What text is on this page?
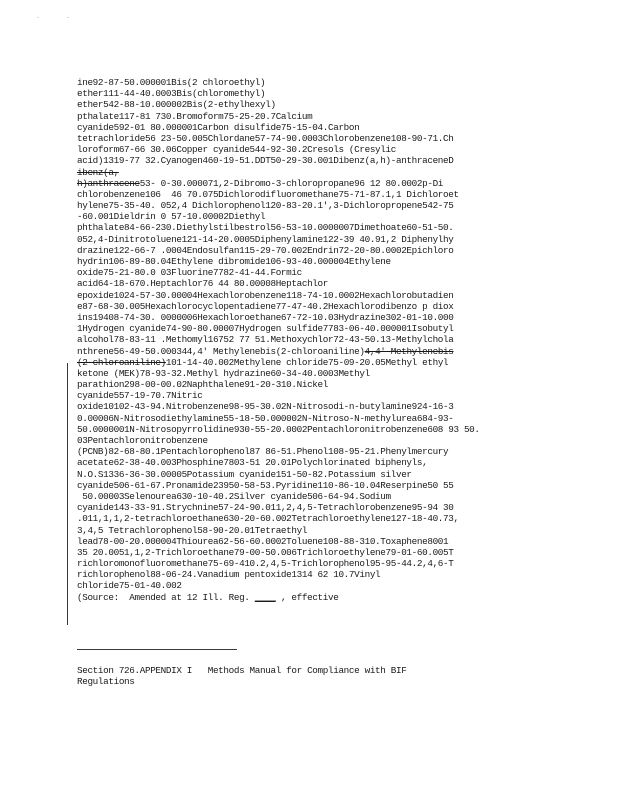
-	-
ine92-87-50.000001Bis(2 chloroethyl)
ether111-44-40.0003Bis(chloromethyl)
ether542-88-10.000002Bis(2-ethylhexyl)
pthalate117-81 730.Bromoform75-25-20.7Calcium
cyanide592-01 80.000001Carbon disulfide75-15-04.Carbon
tetrachloride56 23-50.005Chlordane57-74-90.0003Chlorobenzene108-90-71.Ch
loroform67-66 30.06Copper cyanide544-92-30.2Cresols (Cresylic
acid)1319-77 32.Cyanogen460-19-51.DDT50-29-30.001Dibenz(a,h)-anthraceneD
ibenz(a,
h)anthracene53- 0-30.000071,2-Dibromo-3-chloropropane96 12 80.0002p-Di
chlorobenzene106  46 70.075Dichlorodifluoromethane75-71-87.1,1 Dichloroet
hylene75-35-40. 052,4 Dichlorophenol120-83-20.1',3-Dichloropropene542-75
-60.001Dieldrin 0 57-10.00002Diethyl
phthalate84-66-230.Diethylstilbestrol56-53-10.0000007Dimethoate60-51-50.
052,4-Dinitrotoluene121-14-20.0005Diphenylamine122-39 40.91,2 Diphenylhy
drazine122-66-7 .0004Endosulfan115-29-70.002Endrin72-20-80.0002Epichloro
hydrin106-89-80.04Ethylene dibromide106-93-40.000004Ethylene
oxide75-21-80.0 03Fluorine7782-41-44.Formic
acid64-18-670.Heptachlor76 44 80.00008Heptachlor
epoxide1024-57-30.00004Hexachlorobenzene118-74-10.0002Hexachlorobutadien
e87-68-30.005Hexachlorocyclopentadiene77-47-40.2Hexachlorodibenzo p diox
ins19408-74-30. 0000006Hexachloroethane67-72-10.03Hydrazine302-01-10.000
1Hydrogen cyanide74-90-80.00007Hydrogen sulfide7783-06-40.000001Isobutyl
alcohol78-83-11 .Methomyl16752 77 51.Methoxychlor72-43-50.13-Methylchola
nthrene56-49-50.000344,4' Methylenebis(2-chloroaniline)4,4' Methylenebis
(2-chloroaniline)101-14-40.002Methylene chloride75-09-20.05Methyl ethyl
ketone (MEK)78-93-32.Methyl hydrazine60-34-40.0003Methyl
parathion298-00-00.02Naphthalene91-20-310.Nickel
cyanide557-19-70.7Nitric
oxide10102-43-94.Nitrobenzene98-95-30.02N-Nitrosodi-n-butylamine924-16-3
0.00006N-Nitrosodiethylamine55-18-50.000002N-Nitroso-N-methylurea684-93-
50.0000001N-Nitrosopyrrolidine930-55-20.0002Pentachloronitrobenzene608 93 50.
03Pentachloronitrobenzene
(PCNB)82-68-80.1Pentachlorophenol87 86-51.Phenol108-95-21.Phenylmercury
acetate62-38-40.003Phosphine7803-51 20.01Polychlorinated biphenyls,
N.O.S1336-36-30.00005Potassium cyanide151-50-82.Potassium silver
cyanide506-61-67.Pronamide23950-58-53.Pyridine110-86-10.04Reserpine50 55
50.00003Selenourea630-10-40.2Silver cyanide506-64-94.Sodium
cyanide143-33-91.Strychnine57-24-90.011,2,4,5-Tetrachlorobenzene95-94 30
.011,1,1,2-tetrachloroethane630-20-60.002Tetrachloroethylene127-18-40.73,
3,4,5 Tetrachlorophenol58-90-20.01Tetraethyl
lead78-00-20.000004Thiourea62-56-60.0002Toluene108-88-310.Toxaphene8001
35 20.0051,1,2-Trichloroethane79-00-50.006Trichloroethylene79-01-60.005T
richloromonofluoromethane75-69-410.2,4,5-Trichlorophenol95-95-44.2,4,6-T
richlorophenol88-06-24.Vanadium pentoxide1314 62 10.7Vinyl
chloride75-01-40.002
(Source:  Amended at 12 Ill. Reg. ____ , effective
Section 726.APPENDIX I   Methods Manual for Compliance with BIF
Regulations
